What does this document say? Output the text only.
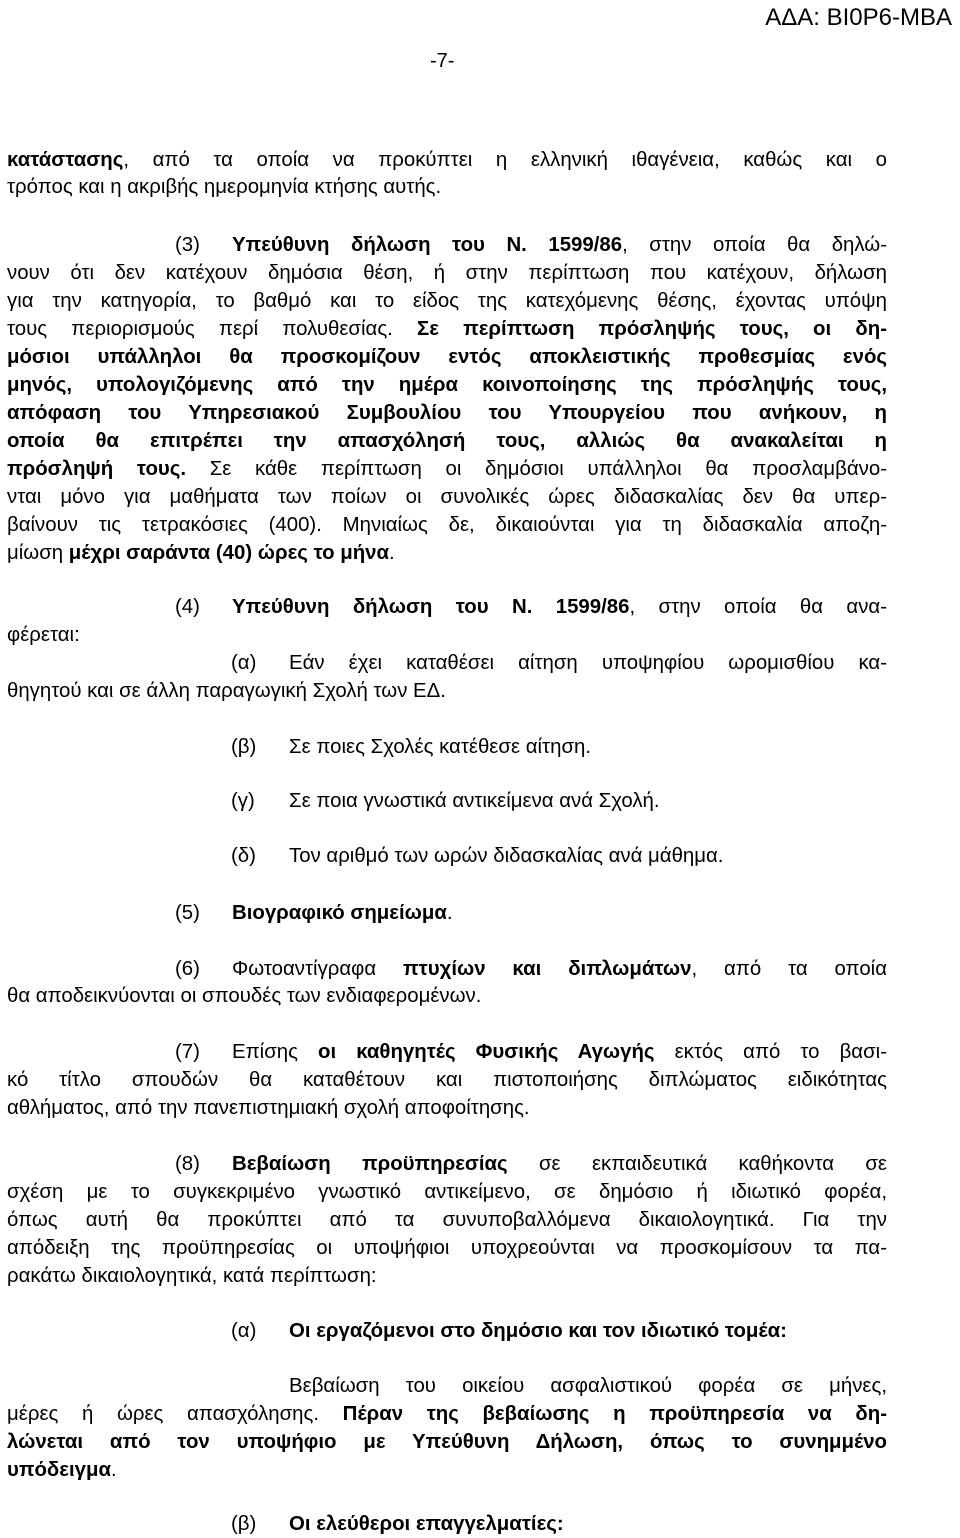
ΑΔΑ: ΒΙ0Ρ6-ΜΒΑ
-7-
κατάστασης, από τα οποία να προκύπτει η ελληνική ιθαγένεια, καθώς και ο
τρόπος και η ακριβής ημερομηνία κτήσης αυτής.
(3) Υπεύθυνη δήλωση του Ν. 1599/86, στην οποία θα δηλώ-
νουν ότι δεν κατέχουν δημόσια θέση, ή στην περίπτωση που κατέχουν, δήλωση
για την κατηγορία, το βαθμό και το είδος της κατεχόμενης θέσης, έχοντας υπόψη
τους περιορισμούς περί πολυθεσίας. Σε περίπτωση πρόσληψής τους, οι δη-
μόσιοι υπάλληλοι θα προσκομίζουν εντός αποκλειστικής προθεσμίας ενός
μηνός, υπολογιζόμενης από την ημέρα κοινοποίησης της πρόσληψής τους,
απόφαση του Υπηρεσιακού Συμβουλίου του Υπουργείου που ανήκουν, η
οποία θα επιτρέπει την απασχόλησή τους, αλλιώς θα ανακαλείται η
πρόσληψή τους. Σε κάθε περίπτωση οι δημόσιοι υπάλληλοι θα προσλαμβάνο-
νται μόνο για μαθήματα των ποίων οι συνολικές ώρες διδασκαλίας δεν θα υπερ-
βαίνουν τις τετρακόσιες (400). Μηνιαίως δε, δικαιούνται για τη διδασκαλία αποζη-
μίωση μέχρι σαράντα (40) ώρες το μήνα.
(4) Υπεύθυνη δήλωση του Ν. 1599/86, στην οποία θα ανα-
φέρεται:
(α) Εάν έχει καταθέσει αίτηση υποψηφίου ωρομισθίου κα-
θηγητού και σε άλλη παραγωγική Σχολή των ΕΔ.
(β) Σε ποιες Σχολές κατέθεσε αίτηση.
(γ) Σε ποια γνωστικά αντικείμενα ανά Σχολή.
(δ) Τον αριθμό των ωρών διδασκαλίας ανά μάθημα.
(5) Βιογραφικό σημείωμα.
(6) Φωτοαντίγραφα πτυχίων και διπλωμάτων, από τα οποία
θα αποδεικνύονται οι σπουδές των ενδιαφερομένων.
(7) Επίσης οι καθηγητές Φυσικής Αγωγής εκτός από το βασι-
κό τίτλο σπουδών θα καταθέτουν και πιστοποιήσης διπλώματος ειδικότητας
αθλήματος, από την πανεπιστημιακή σχολή αποφοίτησης.
(8) Βεβαίωση προϋπηρεσίας σε εκπαιδευτικά καθήκοντα σε
σχέση με το συγκεκριμένο γνωστικό αντικείμενο, σε δημόσιο ή ιδιωτικό φορέα,
όπως αυτή θα προκύπτει από τα συνυποβαλλόμενα δικαιολογητικά. Για την
απόδειξη της προϋπηρεσίας οι υποψήφιοι υποχρεούνται να προσκομίσουν τα πα-
ρακάτω δικαιολογητικά, κατά περίπτωση:
(α) Οι εργαζόμενοι στο δημόσιο και τον ιδιωτικό τομέα:
Βεβαίωση του οικείου ασφαλιστικού φορέα σε μήνες,
μέρες ή ώρες απασχόλησης. Πέραν της βεβαίωσης η προϋπηρεσία να δη-
λώνεται από τον υποψήφιο με Υπεύθυνη Δήλωση, όπως το συνημμένο
υπόδειγμα.
(β) Οι ελεύθεροι επαγγελματίες:
